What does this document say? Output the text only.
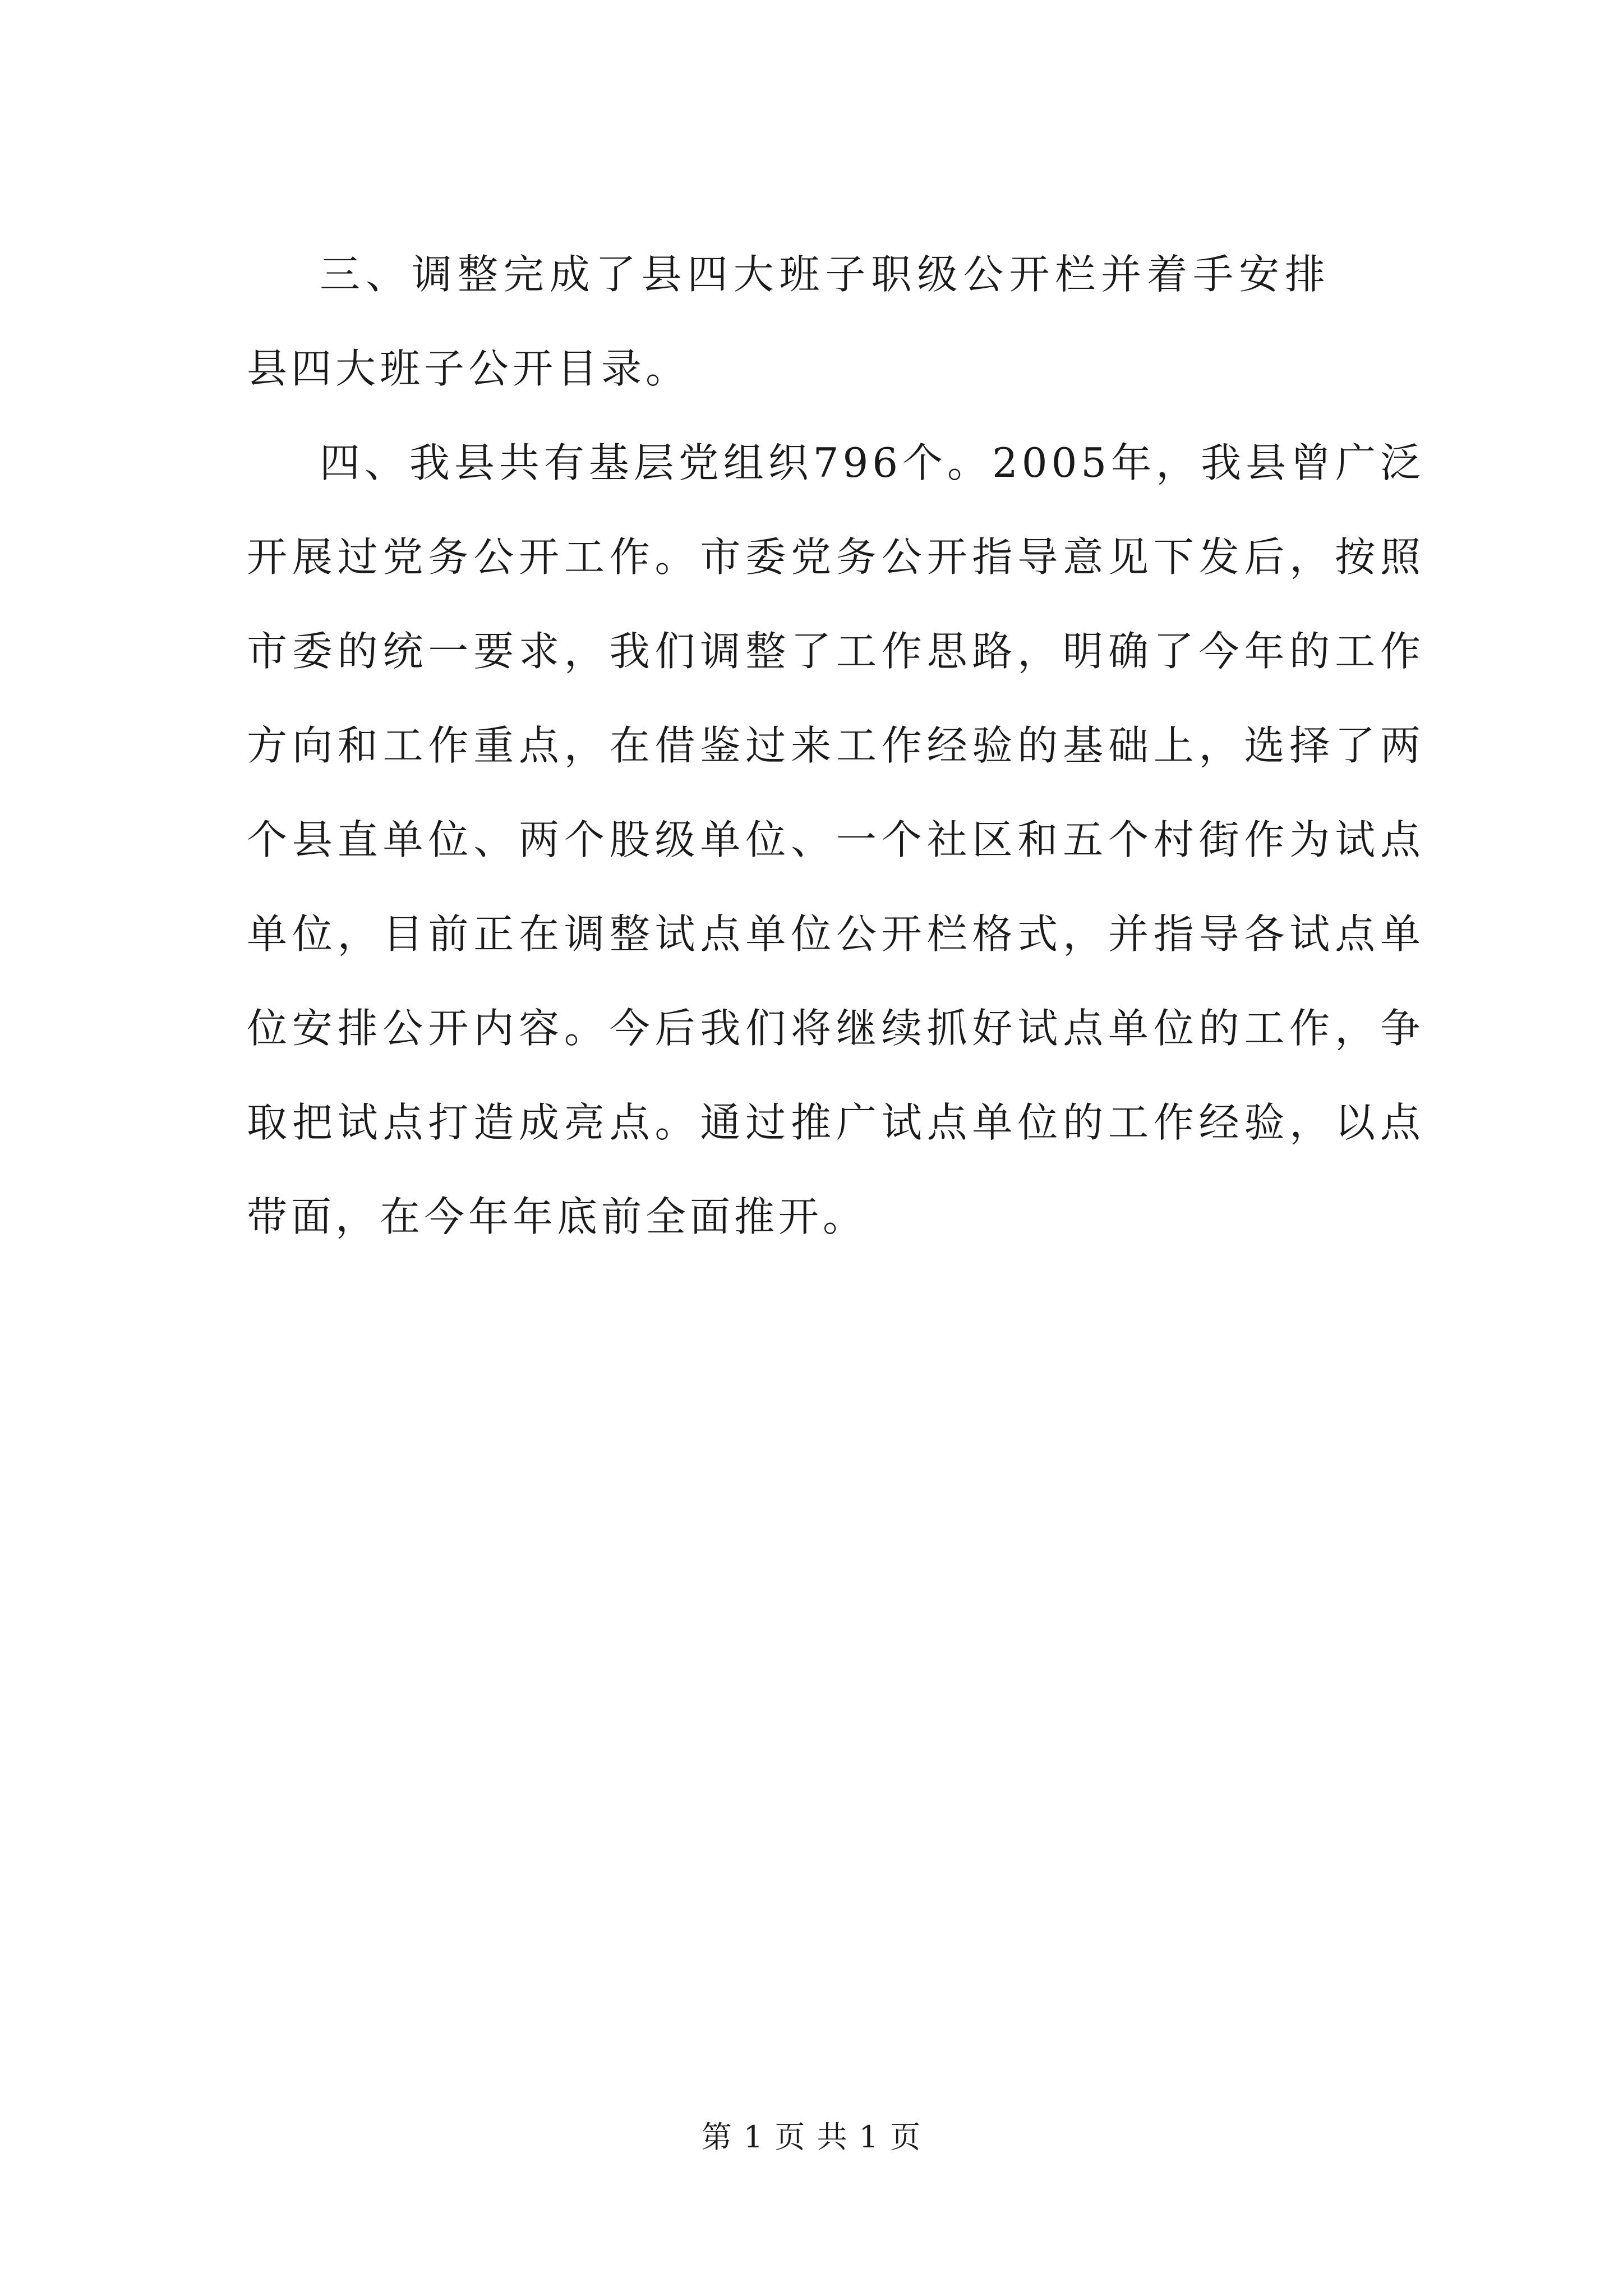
三、调整完成了县四大班子职级公开栏并着手安排县四大班子公开目录。

四、我县共有基层党组织796个。2005年，我县曾广泛开展过党务公开工作。市委党务公开指导意见下发后，按照市委的统一要求，我们调整了工作思路，明确了今年的工作方向和工作重点，在借鉴过来工作经验的基础上，选择了两个县直单位、两个股级单位、一个社区和五个村街作为试点单位，目前正在调整试点单位公开栏格式，并指导各试点单位安排公开内容。今后我们将继续抓好试点单位的工作，争取把试点打造成亮点。通过推广试点单位的工作经验，以点带面，在今年年底前全面推开。

第 1 页 共 1 页
